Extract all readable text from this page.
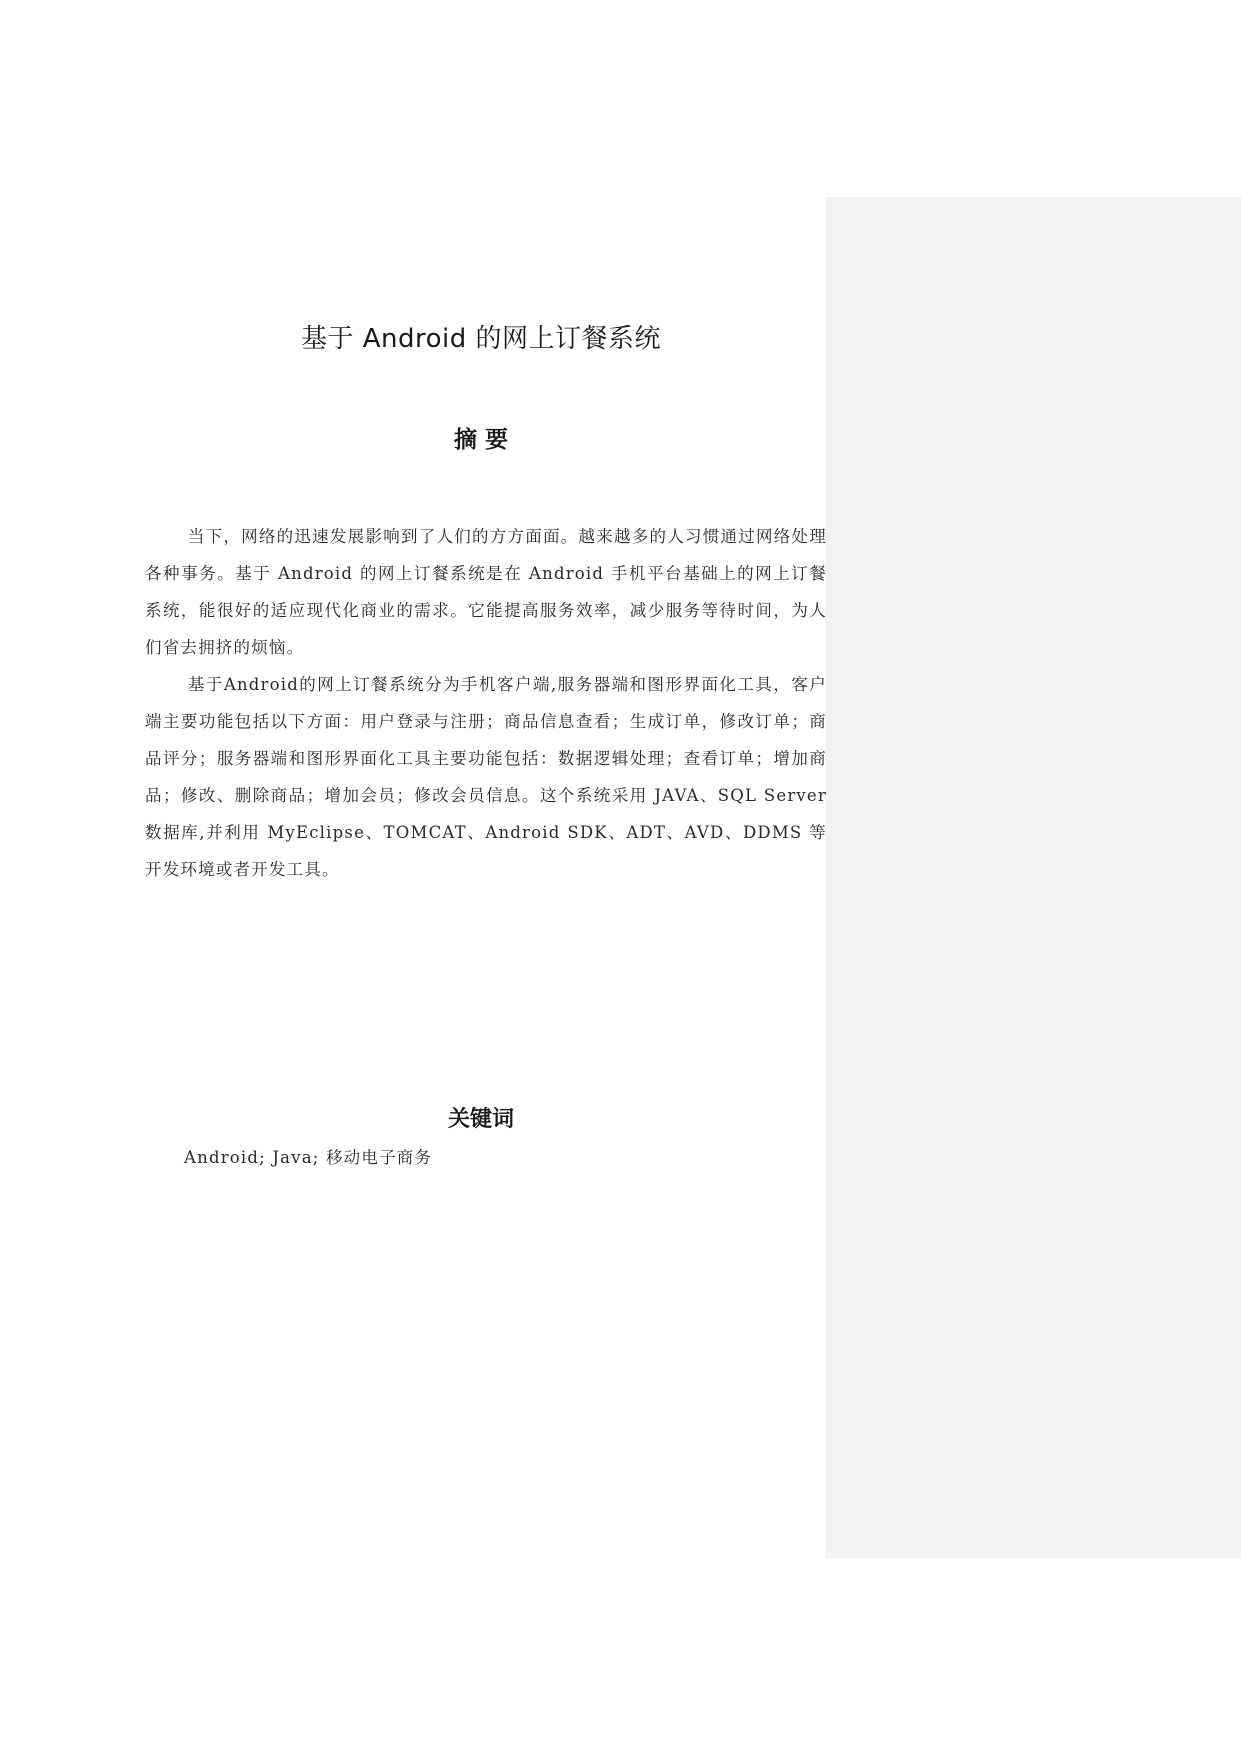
基于 Android 的网上订餐系统
摘 要

当下，网络的迅速发展影响到了人们的方方面面。越来越多的人习惯通过网络处理各种事务。基于 Android 的网上订餐系统是在 Android 手机平台基础上的网上订餐系统，能很好的适应现代化商业的需求。它能提高服务效率，减少服务等待时间，为人们省去拥挤的烦恼。

基于Android的网上订餐系统分为手机客户端,服务器端和图形界面化工具，客户端主要功能包括以下方面：用户登录与注册；商品信息查看；生成订单，修改订单；商品评分；服务器端和图形界面化工具主要功能包括：数据逻辑处理；查看订单；增加商品；修改、删除商品；增加会员；修改会员信息。这个系统采用 JAVA、SQL Server 数据库,并利用 MyEclipse、TOMCAT、Android SDK、ADT、AVD、DDMS 等开发环境或者开发工具。

关键词
Android; Java; 移动电子商务
